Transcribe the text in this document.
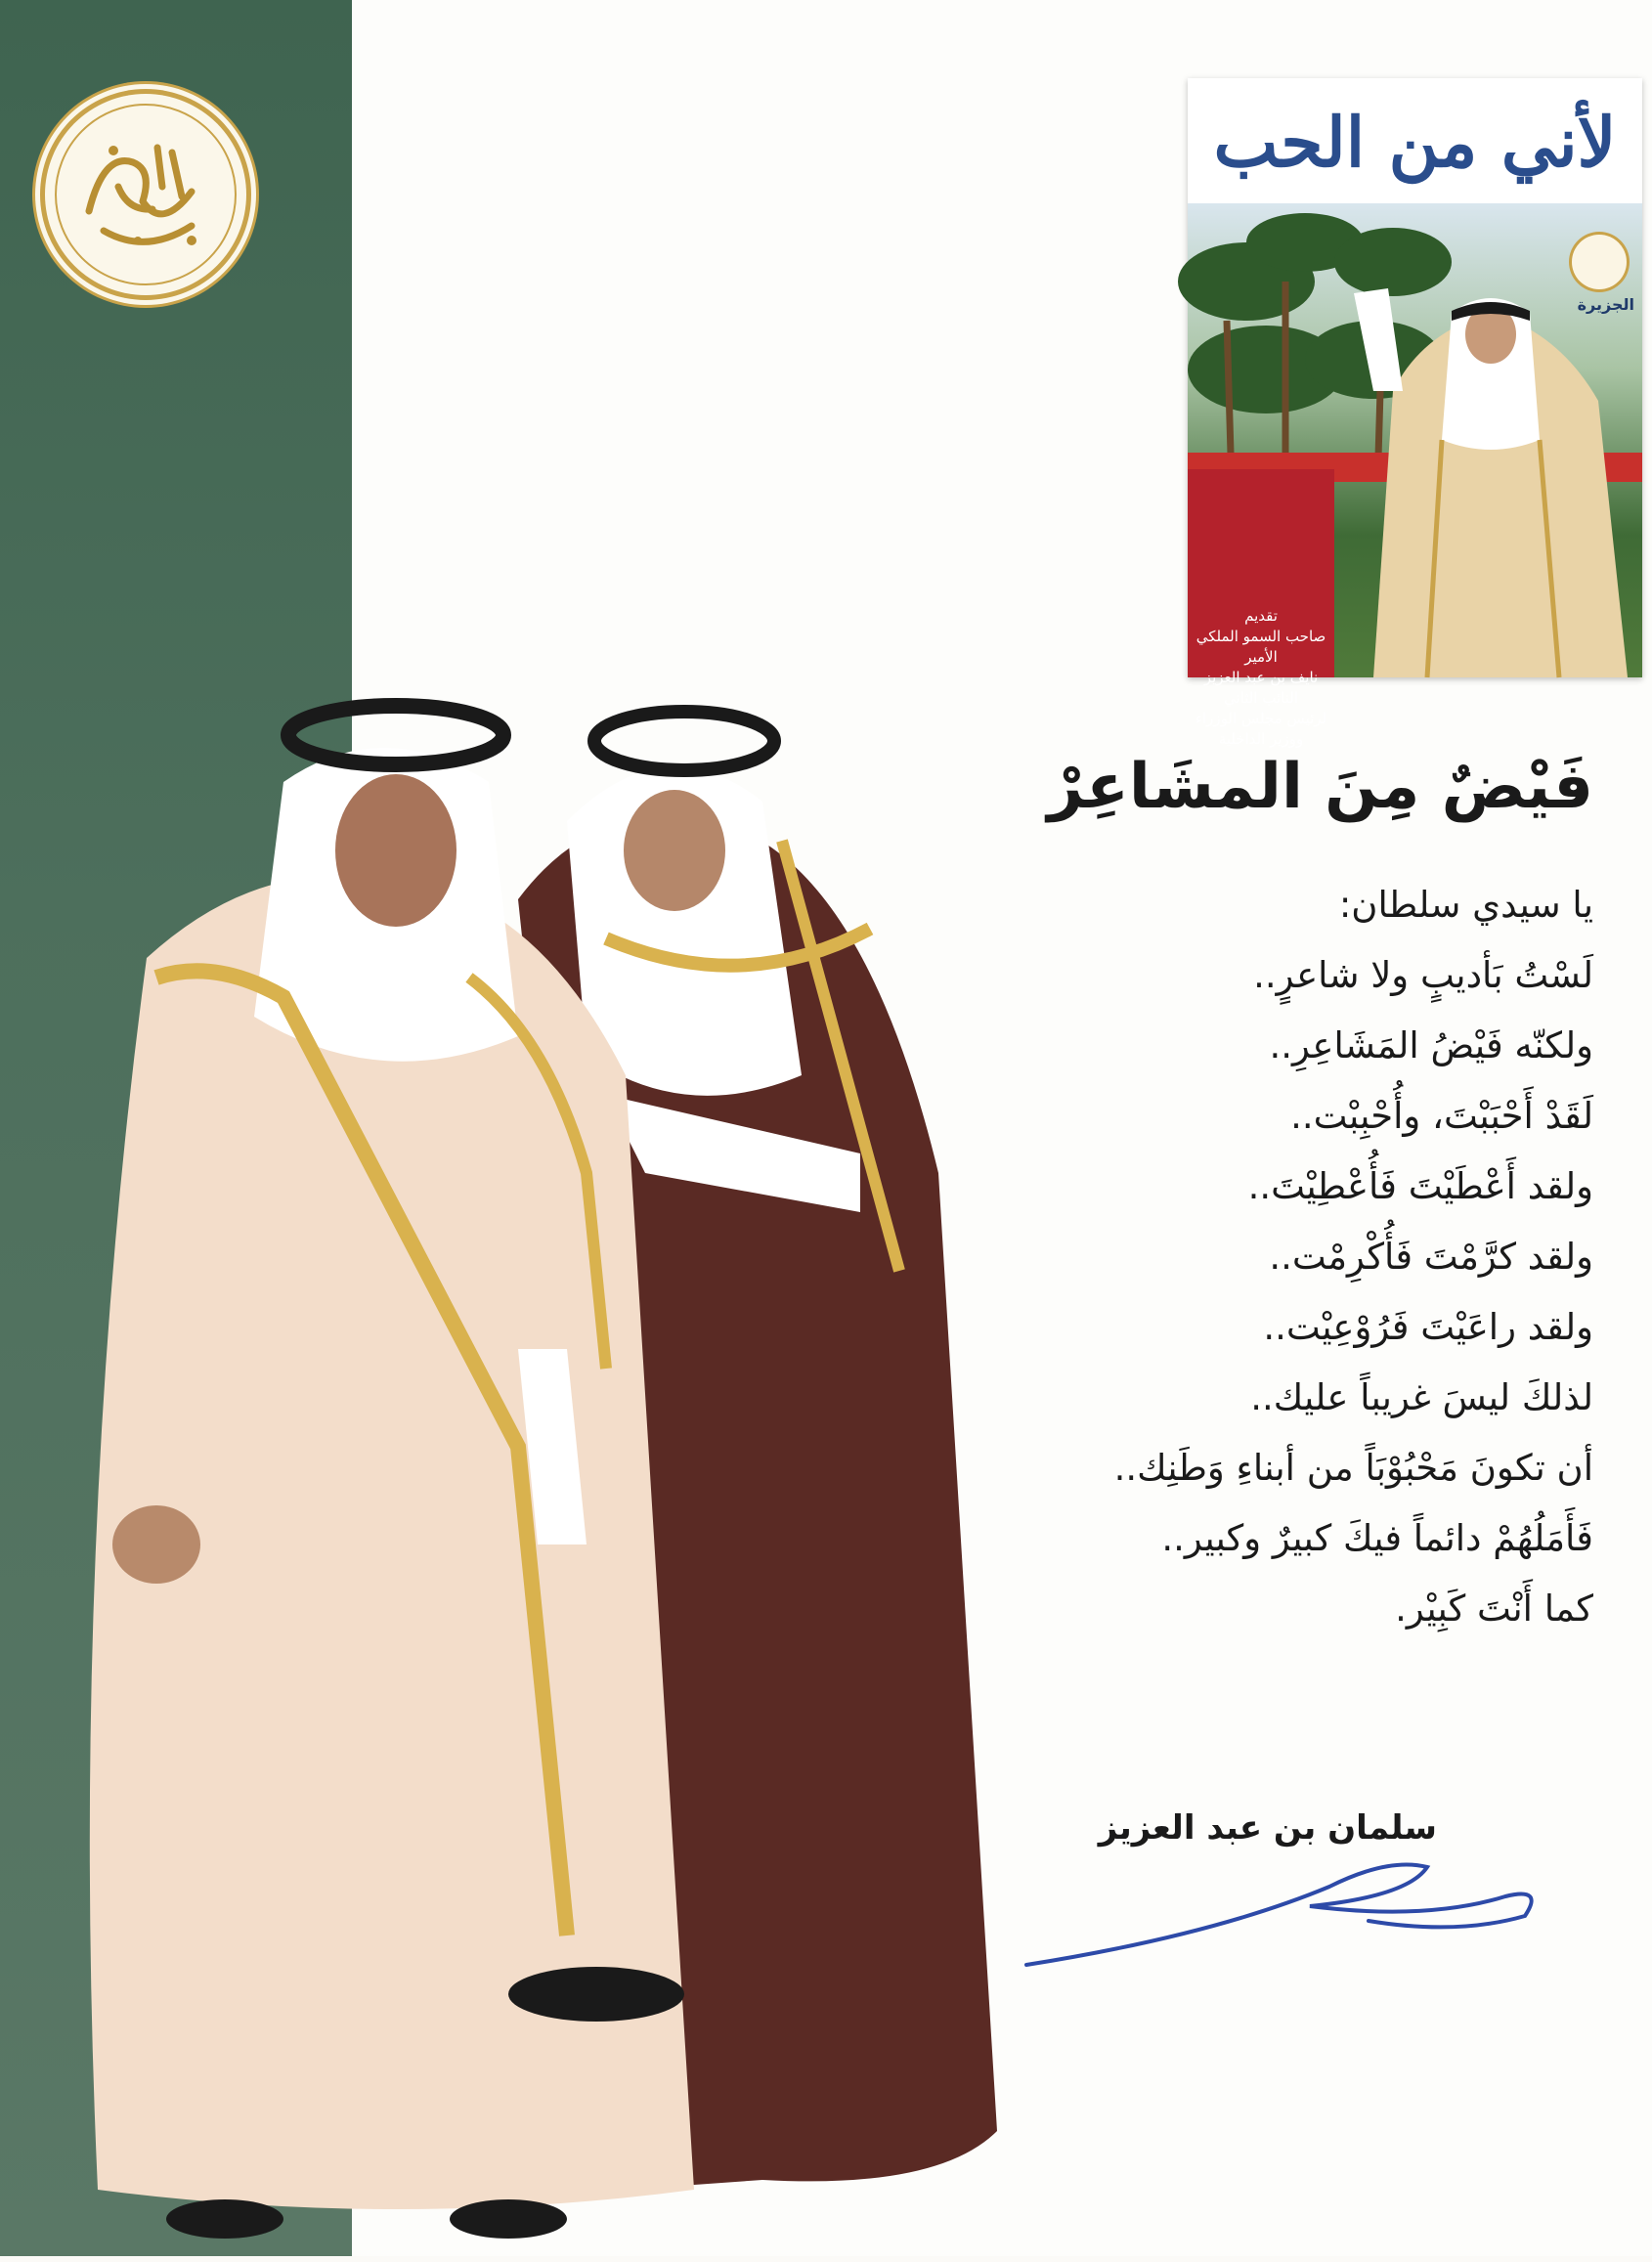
لأني من الحب
الجزيرة
تقديم
صاحب السمو الملكي الأمير
نايف بن عبد العزيز
النائب الثاني
لرئيس مجلس الوزراء
ووزير الداخلية
فَيْضٌ مِنَ المشَاعِرْ

يا سيدي سلطان:

لَسْتُ بَأديبٍ ولا شاعرٍ..

ولكنّه فَيْضُ المَشَاعِرِ..

لَقَدْ أَحْبَبْتَ، وأُحْبِبْت..

ولقد أَعْطَيْتَ فَأُعْطِيْتَ..

ولقد كرَّمْتَ فَأُكْرِمْت..

ولقد راعَيْتَ فَرُوْعِيْت..

لذلكَ ليسَ غريباً عليك..

أن تكونَ مَحْبُوْبَاً من أبناءِ وَطَنِك..

فَأَمَلُهُمْ دائماً فيكَ كبيرٌ وكبير..

كما أَنْتَ كَبِيْر.

سلمان بن عبد العزيز
